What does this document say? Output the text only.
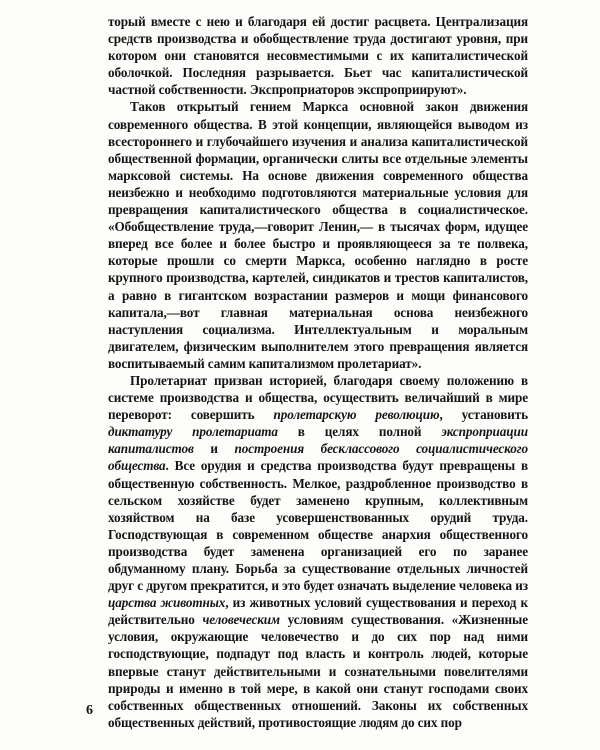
торый вместе с нею и благодаря ей достиг расцвета. Централизация средств производства и обобществление труда достигают уровня, при котором они становятся несовместимыми с их капиталистической оболочкой. Последняя разрывается. Бьет час капиталистической частной собственности. Экспроприаторов экспроприируют».

Таков открытый гением Маркса основной закон движения современного общества. В этой концепции, являющейся выводом из всестороннего и глубочайшего изучения и анализа капиталистической общественной формации, органически слиты все отдельные элементы марксовой системы. На основе движения современного общества неизбежно и необходимо подготовляются материальные условия для превращения капиталистического общества в социалистическое. «Обобществление труда,—говорит Ленин,— в тысячах форм, идущее вперед все более и более быстро и проявляющееся за те полвека, которые прошли со смерти Маркса, особенно наглядно в росте крупного производства, картелей, синдикатов и трестов капиталистов, а равно в гигантском возрастании размеров и мощи финансового капитала,—вот главная материальная основа неизбежного наступления социализма. Интеллектуальным и моральным двигателем, физическим выполнителем этого превращения является воспитываемый самим капитализмом пролетариат».

Пролетариат призван историей, благодаря своему положению в системе производства и общества, осуществить величайший в мире переворот: совершить пролетарскую революцию, установить диктатуру пролетариата в целях полной экспроприации капиталистов и построения бесклассового социалистического общества. Все орудия и средства производства будут превращены в общественную собственность. Мелкое, раздробленное производство в сельском хозяйстве будет заменено крупным, коллективным хозяйством на базе усовершенствованных орудий труда. Господствующая в современном обществе анархия общественного производства будет заменена организацией его по заранее обдуманному плану. Борьба за существование отдельных личностей друг с другом прекратится, и это будет означать выделение человека из царства животных, из животных условий существования и переход к действительно человеческим условиям существования. «Жизненные условия, окружающие человечество и до сих пор над ними господствующие, подпадут под власть и контроль людей, которые впервые станут действительными и сознательными повелителями природы и именно в той мере, в какой они станут господами своих собственных общественных отношений. Законы их собственных общественных действий, противостоящие людям до сих пор

6
